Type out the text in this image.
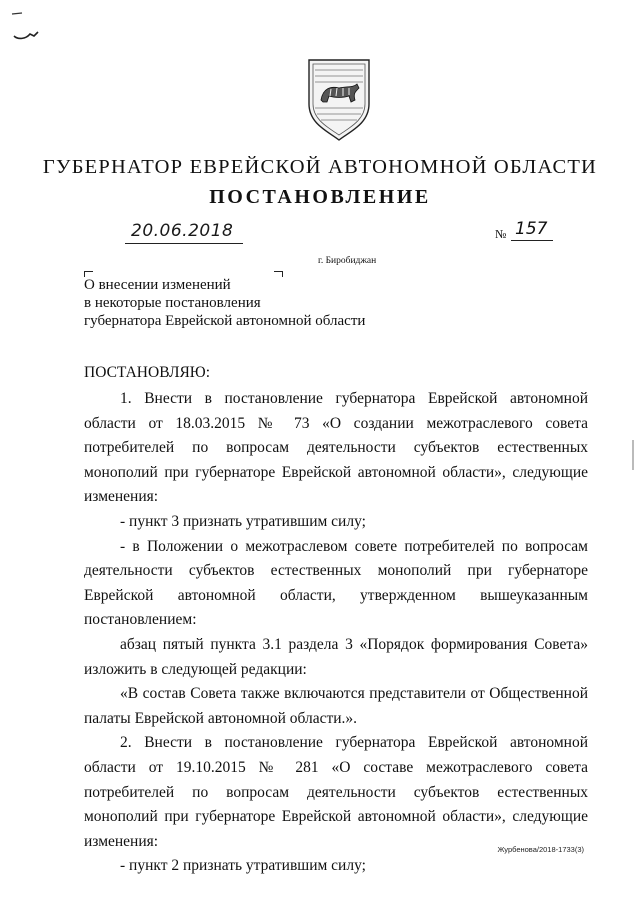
ГУБЕРНАТОР ЕВРЕЙСКОЙ АВТОНОМНОЙ ОБЛАСТИ
ПОСТАНОВЛЕНИЕ
20.06.2018	№ 157
г. Биробиджан
О внесении изменений
в некоторые постановления
губернатора Еврейской автономной области
ПОСТАНОВЛЯЮ:

1. Внести в постановление губернатора Еврейской автономной области от 18.03.2015 № 73 «О создании межотраслевого совета потребителей по вопросам деятельности субъектов естественных монополий при губернаторе Еврейской автономной области», следующие изменения:

- пункт 3 признать утратившим силу;

- в Положении о межотраслевом совете потребителей по вопросам деятельности субъектов естественных монополий при губернаторе Еврейской автономной области, утвержденном вышеуказанным постановлением:

абзац пятый пункта 3.1 раздела 3 «Порядок формирования Совета» изложить в следующей редакции:

«В состав Совета также включаются представители от Общественной палаты Еврейской автономной области.».

2. Внести в постановление губернатора Еврейской автономной области от 19.10.2015 № 281 «О составе межотраслевого совета потребителей по вопросам деятельности субъектов естественных монополий при губернаторе Еврейской автономной области», следующие изменения:

- пункт 2 признать утратившим силу;

Журбенова/2018-1733(3)
